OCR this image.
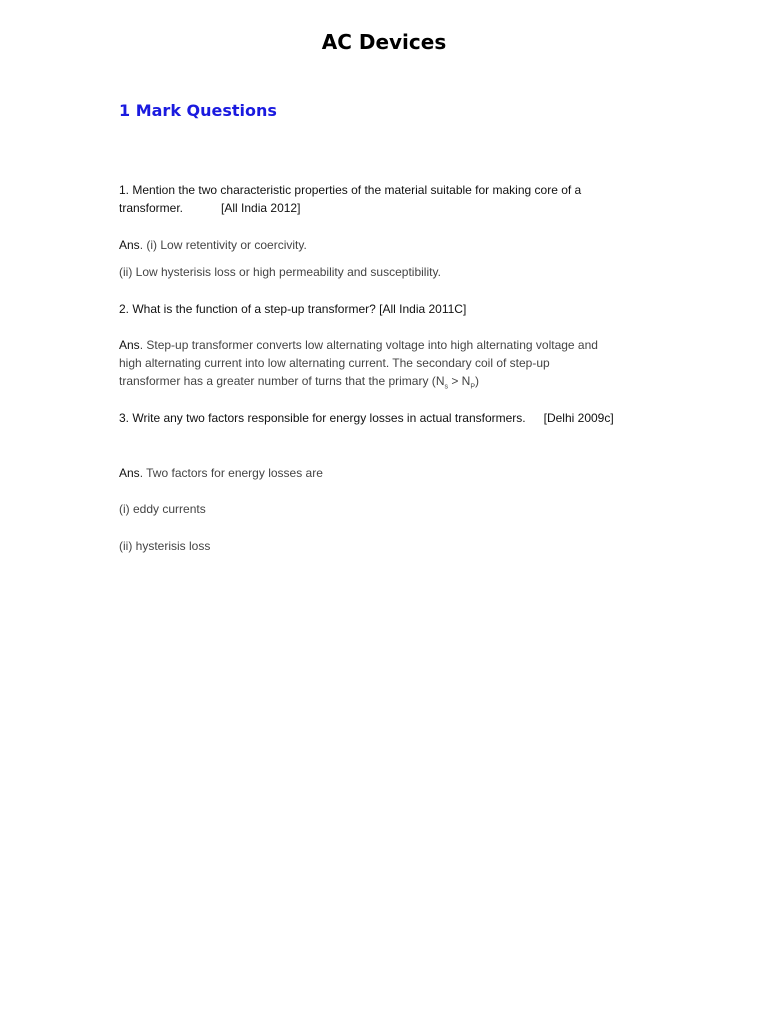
AC Devices
1 Mark Questions

1. Mention the two characteristic properties of the material suitable for making core of a transformer.	[All India 2012]

Ans. (i) Low retentivity or coercivity.

(ii) Low hysterisis loss or high permeability and susceptibility.

2. What is the function of a step-up transformer? [All India 2011C]

Ans. Step-up transformer converts low alternating voltage into high alternating voltage and high alternating current into low alternating current. The secondary coil of step-up transformer has a greater number of turns that the primary $(N_s > N_P)$

3. Write any two factors responsible for energy losses in actual transformers. [Delhi 2009c]

Ans. Two factors for energy losses are

(i) eddy currents

(ii) hysterisis loss
